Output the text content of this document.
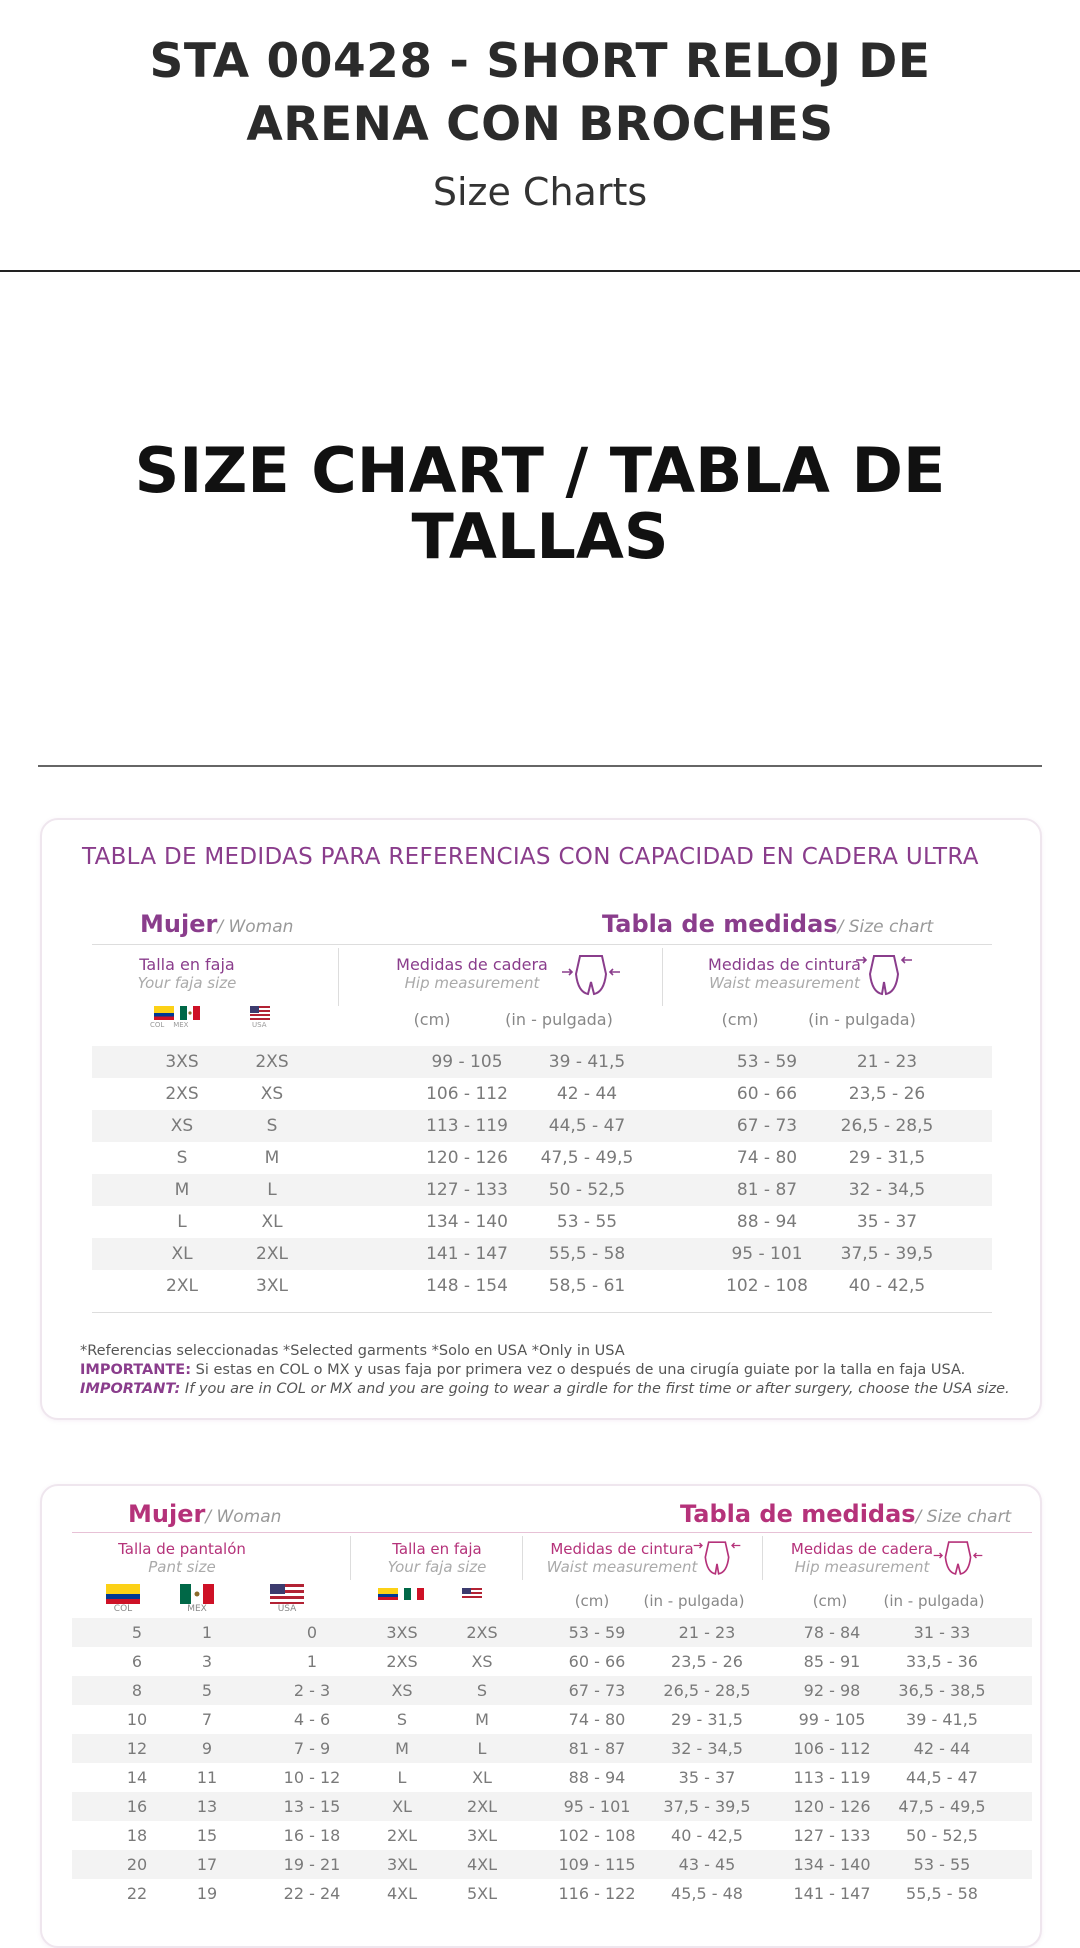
STA 00428 - SHORT RELOJ DE ARENA CON BROCHES
Size Charts
SIZE CHART / TABLA DE TALLAS
TABLA DE MEDIDAS PARA REFERENCIAS CON CAPACIDAD EN CADERA ULTRA
Mujer/ Woman	Tabla de medidas/ Size chart
Talla en faja
Your faja size
Medidas de cadera
Hip measurement
Medidas de cintura
Waist measurement
COL MEX	USA	(cm)	(in - pulgada)	(cm)	(in - pulgada)
3XS	2XS	99 - 105	39 - 41,5	53 - 59	21 - 23
2XS	XS	106 - 112	42 - 44	60 - 66	23,5 - 26
XS	S	113 - 119	44,5 - 47	67 - 73	26,5 - 28,5
S	M	120 - 126	47,5 - 49,5	74 - 80	29 - 31,5
M	L	127 - 133	50 - 52,5	81 - 87	32 - 34,5
L	XL	134 - 140	53 - 55	88 - 94	35 - 37
XL	2XL	141 - 147	55,5 - 58	95 - 101	37,5 - 39,5
2XL	3XL	148 - 154	58,5 - 61	102 - 108	40 - 42,5
*Referencias seleccionadas *Selected garments *Solo en USA *Only in USA
IMPORTANTE: Si estas en COL o MX y usas faja por primera vez o después de una cirugía guiate por la talla en faja USA.
IMPORTANT: If you are in COL or MX and you are going to wear a girdle for the first time or after surgery, choose the USA size.
Mujer/ Woman	Tabla de medidas/ Size chart
Talla de pantalón
Pant size
Talla en faja
Your faja size
Medidas de cintura
Waist measurement
Medidas de cadera
Hip measurement
COL	MEX	USA	(cm)	(in - pulgada)	(cm)	(in - pulgada)
5	1	0	3XS	2XS	53 - 59	21 - 23	78 - 84	31 - 33
6	3	1	2XS	XS	60 - 66	23,5 - 26	85 - 91	33,5 - 36
8	5	2 - 3	XS	S	67 - 73	26,5 - 28,5	92 - 98	36,5 - 38,5
10	7	4 - 6	S	M	74 - 80	29 - 31,5	99 - 105	39 - 41,5
12	9	7 - 9	M	L	81 - 87	32 - 34,5	106 - 112	42 - 44
14	11	10 - 12	L	XL	88 - 94	35 - 37	113 - 119	44,5 - 47
16	13	13 - 15	XL	2XL	95 - 101	37,5 - 39,5	120 - 126	47,5 - 49,5
18	15	16 - 18	2XL	3XL	102 - 108	40 - 42,5	127 - 133	50 - 52,5
20	17	19 - 21	3XL	4XL	109 - 115	43 - 45	134 - 140	53 - 55
22	19	22 - 24	4XL	5XL	116 - 122	45,5 - 48	141 - 147	55,5 - 58
